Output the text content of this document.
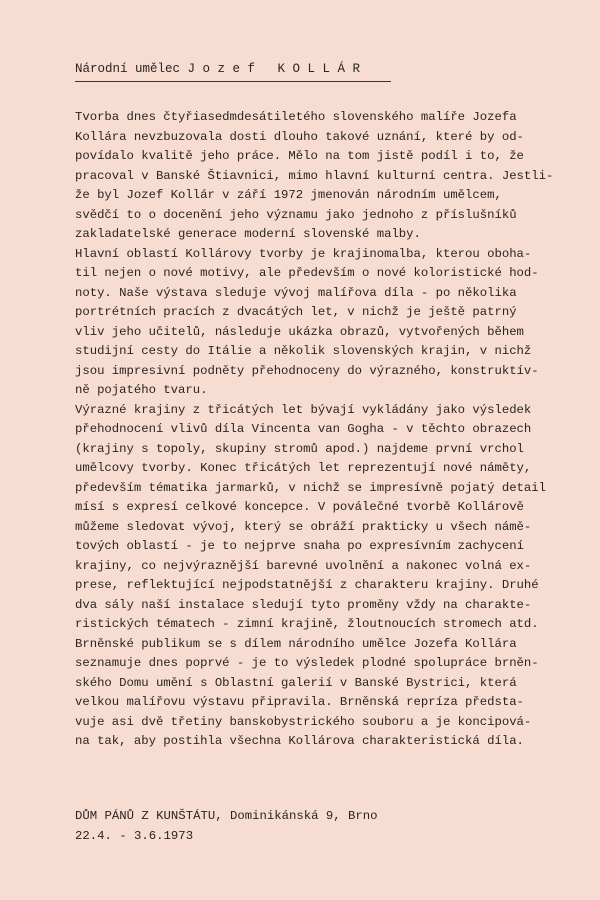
Národní umělec J o z e f   K O L L Á R
Tvorba dnes čtyřiasedmdesátiletého slovenského malíře Jozefa
Kollára nevzbuzovala dosti dlouho takové uznání, které by od-
povídalo kvalitě jeho práce. Mělo na tom jistě podíl i to, že
pracoval v Banské Štiavnici, mimo hlavní kulturní centra. Jestli-
že byl Jozef Kollár v září 1972 jmenován národním umělcem,
svědčí to o docenění jeho významu jako jednoho z příslušníků
zakladatelské generace moderní slovenské malby.
Hlavní oblastí Kollárovy tvorby je krajinomalba, kterou oboha-
til nejen o nové motivy, ale především o nové koloristické hod-
noty. Naše výstava sleduje vývoj malířova díla - po několika
portrétních pracích z dvacátých let, v nichž je ještě patrný
vliv jeho učitelů, následuje ukázka obrazů, vytvořených během
studijní cesty do Itálie a několik slovenských krajin, v nichž
jsou impresivní podněty přehodnoceny do výrazného, konstruktív-
ně pojatého tvaru.
Výrazné krajiny z třicátých let bývají vykládány jako výsledek
přehodnocení vlivů díla Vincenta van Gogha - v těchto obrazech
(krajiny s topoly, skupiny stromů apod.) najdeme první vrchol
umělcovy tvorby. Konec třicátých let reprezentují nové náměty,
především tématika jarmarků, v nichž se impresívně pojatý detail
mísí s expresí celkové koncepce. V poválečné tvorbě Kollárově
můžeme sledovat vývoj, který se obráží prakticky u všech námě-
tových oblastí - je to nejprve snaha po expresívním zachycení
krajiny, co nejvýraznější barevné uvolnění a nakonec volná ex-
prese, reflektující nejpodstatnější z charakteru krajiny. Druhé
dva sály naší instalace sledují tyto proměny vždy na charakte-
ristických tématech - zimní krajině, žloutnoucích stromech atd.
Brněnské publikum se s dílem národního umělce Jozefa Kollára
seznamuje dnes poprvé - je to výsledek plodné spolupráce brněn-
ského Domu umění s Oblastní galerií v Banské Bystrici, která
velkou malířovu výstavu připravila. Brněnská repríza předsta-
vuje asi dvě třetiny banskobystrického souboru a je koncipová-
na tak, aby postihla všechna Kollárova charakteristická díla.
DŮM PÁNŮ Z KUNŠTÁTU, Dominikánská 9, Brno
22.4. - 3.6.1973
